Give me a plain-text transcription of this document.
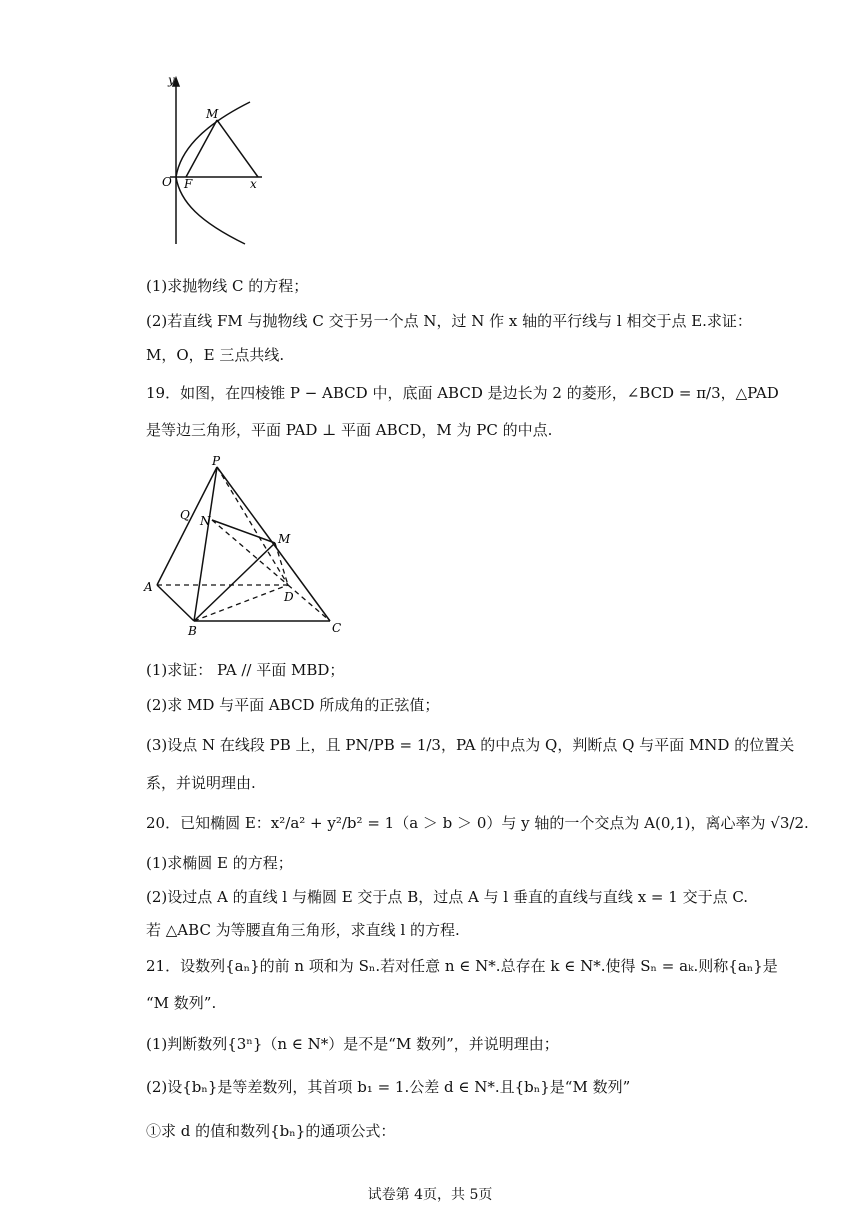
y
M
O F	x
(1)求抛物线 C 的方程；
(2)若直线 FM 与抛物线 C 交于另一个点 N，过 N 作 x 轴的平行线与 l 相交于点 E.求证：
M，O，E 三点共线.
19．如图，在四棱锥 P − ABCD 中，底面 ABCD 是边长为 2 的菱形，∠BCD = π/3，△PAD
是等边三角形，平面 PAD ⊥ 平面 ABCD，M 为 PC 的中点.
P
Q N
M
A
D
B	C
(1)求证： PA // 平面 MBD；
(2)求 MD 与平面 ABCD 所成角的正弦值；
(3)设点 N 在线段 PB 上，且 PN/PB = 1/3，PA 的中点为 Q，判断点 Q 与平面 MND 的位置关
系，并说明理由.
20．已知椭圆 E：x²/a² + y²/b² = 1（a ＞ b ＞ 0）与 y 轴的一个交点为 A(0,1)，离心率为 √3/2.
(1)求椭圆 E 的方程；
(2)设过点 A 的直线 l 与椭圆 E 交于点 B，过点 A 与 l 垂直的直线与直线 x = 1 交于点 C.
若 △ABC 为等腰直角三角形，求直线 l 的方程.
21．设数列{aₙ}的前 n 项和为 Sₙ.若对任意 n ∈ N*.总存在 k ∈ N*.使得 Sₙ = aₖ.则称{aₙ}是
“M 数列”.
(1)判断数列{3ⁿ}（n ∈ N*）是不是“M 数列”，并说明理由；
(2)设{bₙ}是等差数列，其首项 b₁ = 1.公差 d ∈ N*.且{bₙ}是“M 数列”
①求 d 的值和数列{bₙ}的通项公式：
试卷第 4页，共 5页
